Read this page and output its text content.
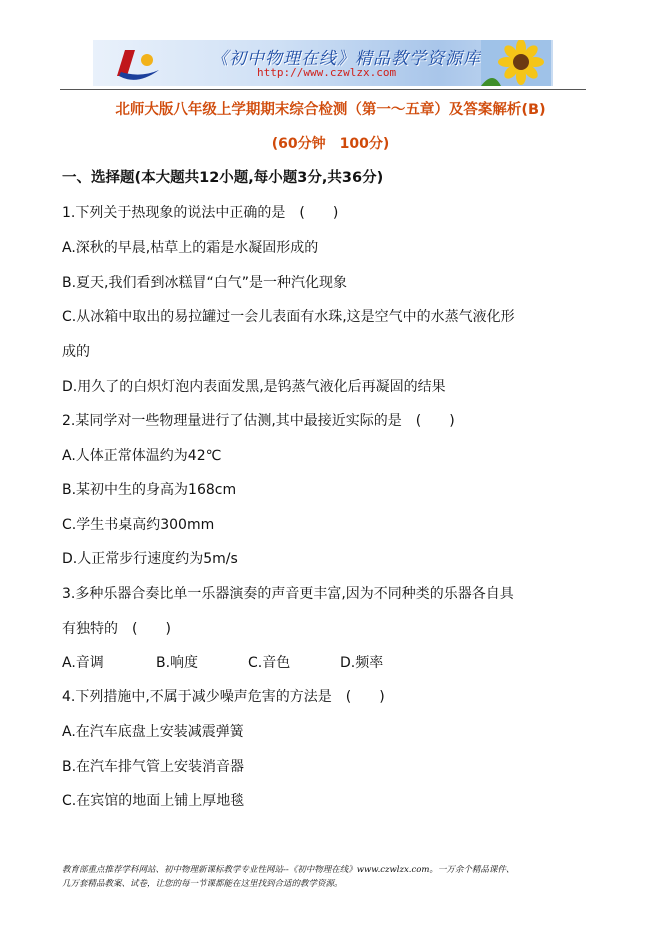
《初中物理在线》精品教学资源库
http://www.czwlzx.com
北师大版八年级上学期期末综合检测（第一～五章）及答案解析(B)
(60分钟　100分)
一、选择题(本大题共12小题,每小题3分,共36分)
1.下列关于热现象的说法中正确的是　(　　)
A.深秋的早晨,枯草上的霜是水凝固形成的
B.夏天,我们看到冰糕冒“白气”是一种汽化现象
C.从冰箱中取出的易拉罐过一会儿表面有水珠,这是空气中的水蒸气液化形
成的
D.用久了的白炽灯泡内表面发黑,是钨蒸气液化后再凝固的结果
2.某同学对一些物理量进行了估测,其中最接近实际的是　(　　)
A.人体正常体温约为42℃
B.某初中生的身高为168cm
C.学生书桌高约300mm
D.人正常步行速度约为5m/s
3.多种乐器合奏比单一乐器演奏的声音更丰富,因为不同种类的乐器各自具
有独特的　(　　)
A.音调	B.响度	C.音色	D.频率
4.下列措施中,不属于减少噪声危害的方法是　(　　)
A.在汽车底盘上安装减震弹簧
B.在汽车排气管上安装消音器
C.在宾馆的地面上铺上厚地毯
教育部重点推荐学科网站、初中物理新课标教学专业性网站--《初中物理在线》www.czwlzx.com。一万余个精品课件、
几万套精品教案、试卷，让您的每一节课都能在这里找到合适的教学资源。
